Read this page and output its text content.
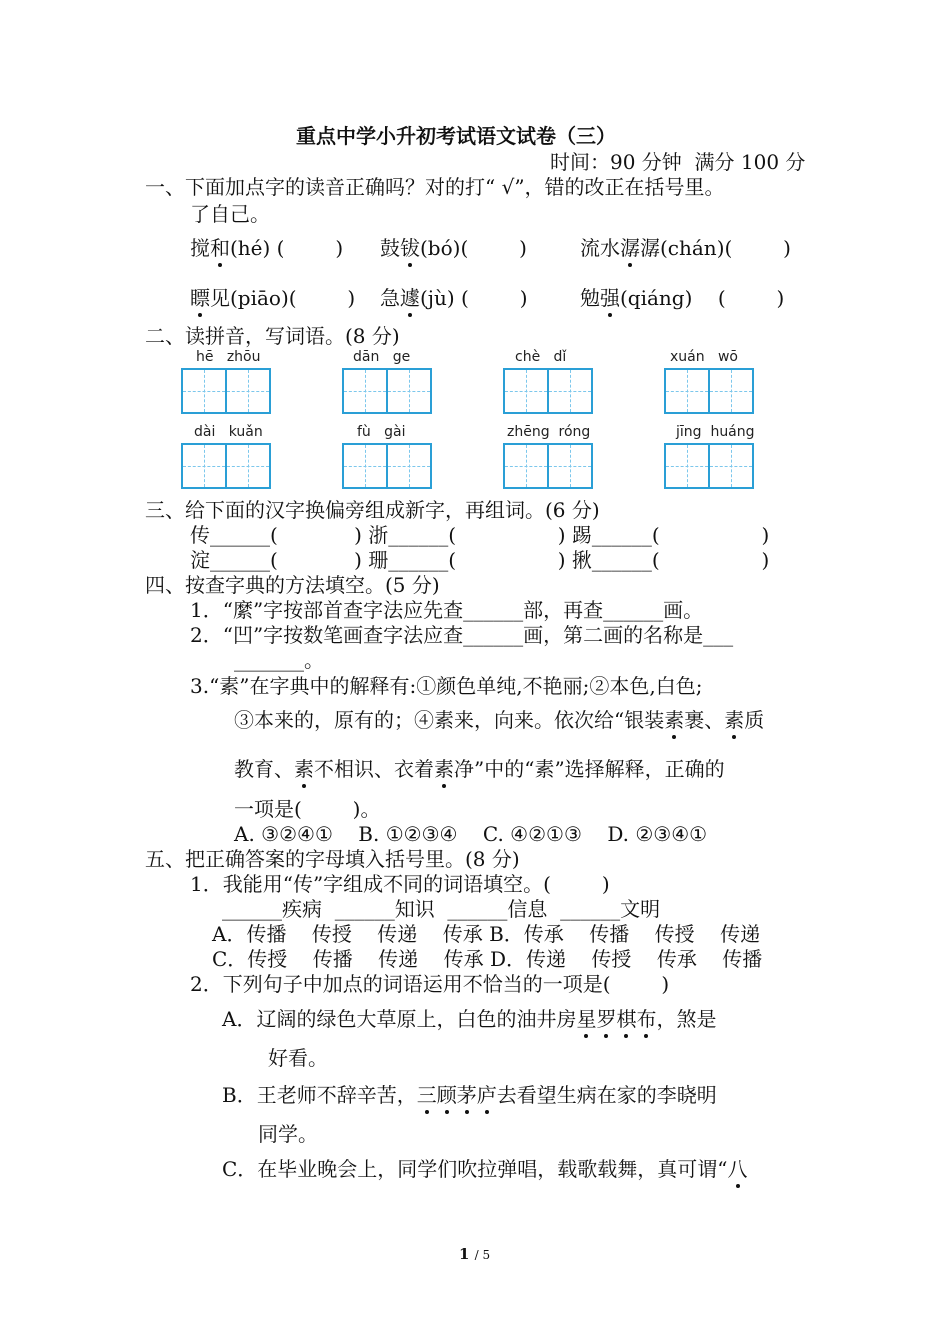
重点中学小升初考试语文试卷（三）
时间：90 分钟  满分 100 分
一、下面加点字的读音正确吗？对的打“ √”，错的改正在括号里。
了自己。
搅和(hé) (        ) 鼓钹(bó)(        )	流水潺潺(chán)(        )
瞟见(piāo)(        ) 急遽(jù) (        )	勉强(qiáng)    (        )
二、读拼音，写词语。(8 分)
hē   zhōu	dān   ge	chè   dǐ	xuán   wō
dài   kuǎn	fù   gài	zhēng  róng	jīng  huáng
三、给下面的汉字换偏旁组成新字，再组词。(6 分)
传______(            ) 浙______(                ) 踢______(                )
淀______(            ) 珊______(                ) 揪______(                )
四、按查字典的方法填空。(5 分)
1．“縻”字按部首查字法应先查______部，再查______画。
2．“凹”字按数笔画查字法应查______画，第二画的名称是___
_______。
3.“素”在字典中的解释有:①颜色单纯,不艳丽;②本色,白色;
③本来的，原有的；④素来，向来。依次给“银装素裹、素质
教育、素不相识、衣着素净”中的“素”选择解释，正确的
一项是(        )。
A. ③②④①    B. ①②③④    C. ④②①③    D. ②③④①
五、把正确答案的字母填入括号里。(8 分)
1．我能用“传”字组成不同的词语填空。(        )
______疾病  ______知识  ______信息  ______文明
A．传播    传授    传递    传承 B．传承    传播    传授    传递
C．传授    传播    传递    传承 D．传递    传授    传承    传播
2．下列句子中加点的词语运用不恰当的一项是(        )
A．辽阔的绿色大草原上，白色的油井房星罗棋布，煞是
好看。
B．王老师不辞辛苦，三顾茅庐去看望生病在家的李晓明
同学。
C．在毕业晚会上，同学们吹拉弹唱，载歌载舞，真可谓“八
1 / 5
